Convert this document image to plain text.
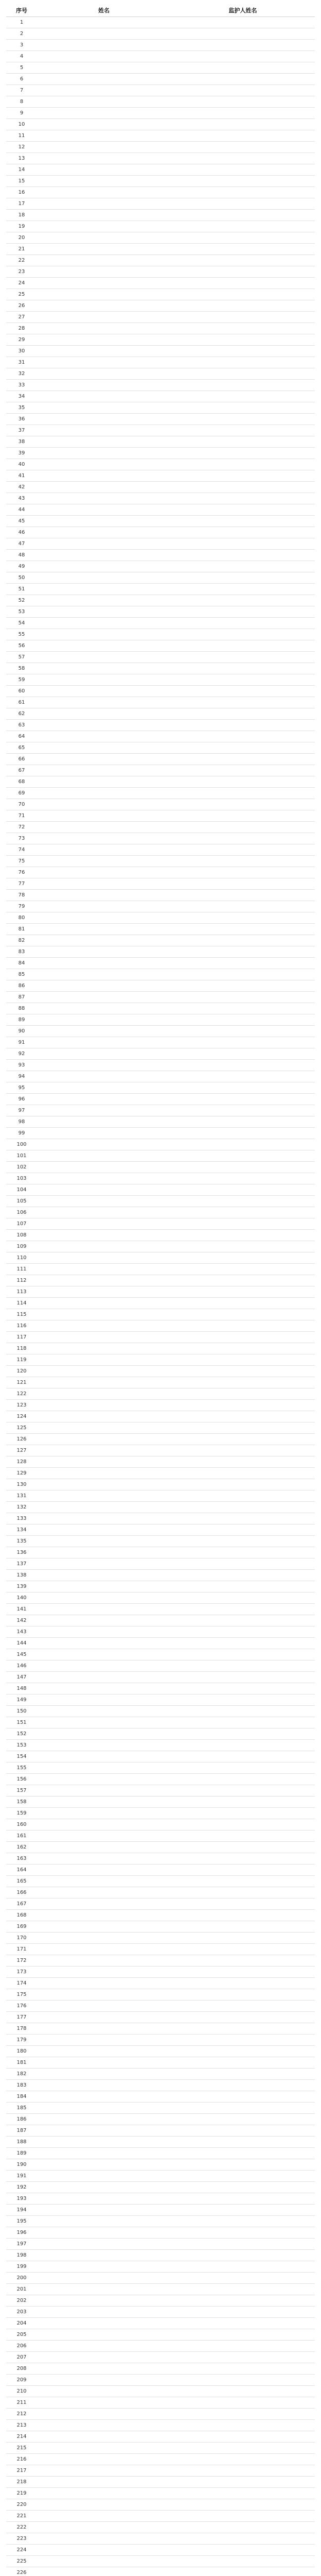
序号	姓名	监护人姓名
1		
2		
3		
4		
5		
6		
7		
8		
9		
10		
11		
12		
13		
14		
15		
16		
17		
18		
19		
20		
21		
22		
23		
24		
25		
26		
27		
28		
29		
30		
31		
32		
33		
34		
35		
36		
37		
38		
39		
40		
41		
42		
43		
44		
45		
46		
47		
48		
49		
50		
51		
52		
53		
54		
55		
56		
57		
58		
59		
60		
61		
62		
63		
64		
65		
66		
67		
68		
69		
70		
71		
72		
73		
74		
75		
76		
77		
78		
79		
80		
81		
82		
83		
84		
85		
86		
87		
88		
89		
90		
91		
92		
93		
94		
95		
96		
97		
98		
99		
100		
101		
102		
103		
104		
105		
106		
107		
108		
109		
110		
111		
112		
113		
114		
115		
116		
117		
118		
119		
120		
121		
122		
123		
124		
125		
126		
127		
128		
129		
130		
131		
132		
133		
134		
135		
136		
137		
138		
139		
140		
141		
142		
143		
144		
145		
146		
147		
148		
149		
150		
151		
152		
153		
154		
155		
156		
157		
158		
159		
160		
161		
162		
163		
164		
165		
166		
167		
168		
169		
170		
171		
172		
173		
174		
175		
176		
177		
178		
179		
180		
181		
182		
183		
184		
185		
186		
187		
188		
189		
190		
191		
192		
193		
194		
195		
196		
197		
198		
199		
200		
201		
202		
203		
204		
205		
206		
207		
208		
209		
210		
211		
212		
213		
214		
215		
216		
217		
218		
219		
220		
221		
222		
223		
224		
225		
226		
